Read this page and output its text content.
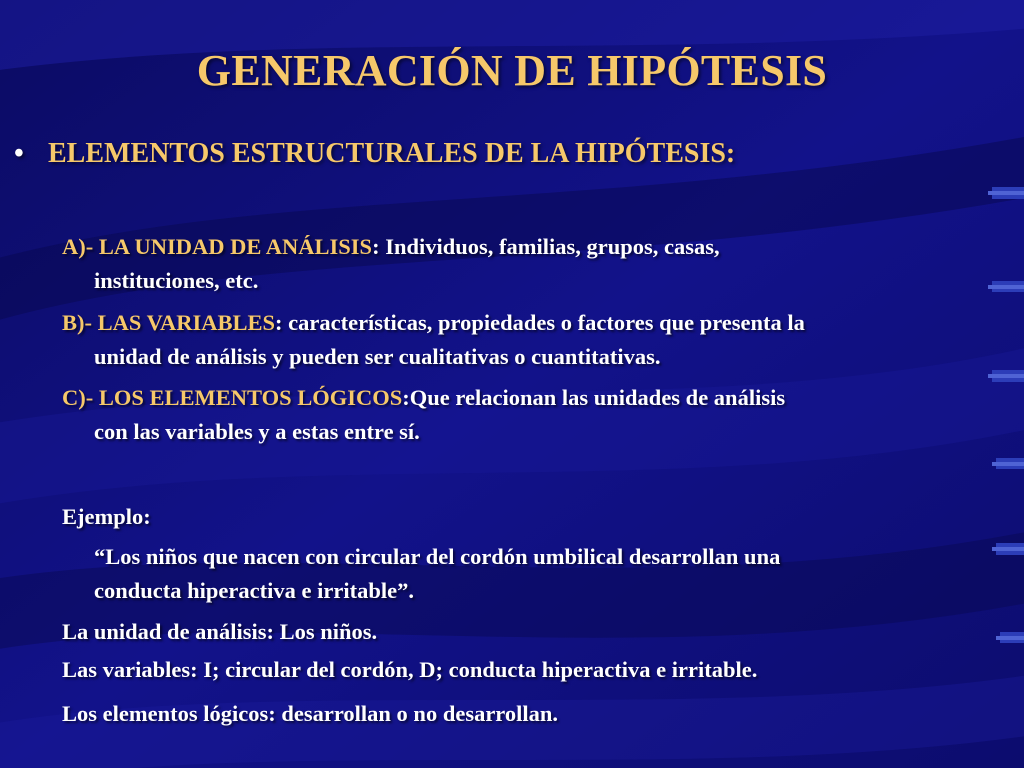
GENERACIÓN DE HIPÓTESIS
• ELEMENTOS ESTRUCTURALES DE LA HIPÓTESIS:
A)- LA UNIDAD DE ANÁLISIS: Individuos, familias, grupos, casas,
instituciones, etc.
B)- LAS VARIABLES: características, propiedades o factores que presenta la
unidad de análisis y pueden ser cualitativas o cuantitativas.
C)- LOS ELEMENTOS LÓGICOS:Que relacionan las unidades de análisis
con las variables y a estas entre sí.
Ejemplo:
“Los niños que nacen con circular del cordón umbilical desarrollan una
conducta hiperactiva e irritable”.
La unidad de análisis: Los niños.
Las variables: I; circular del cordón, D; conducta hiperactiva e irritable.
Los elementos lógicos: desarrollan o no desarrollan.
